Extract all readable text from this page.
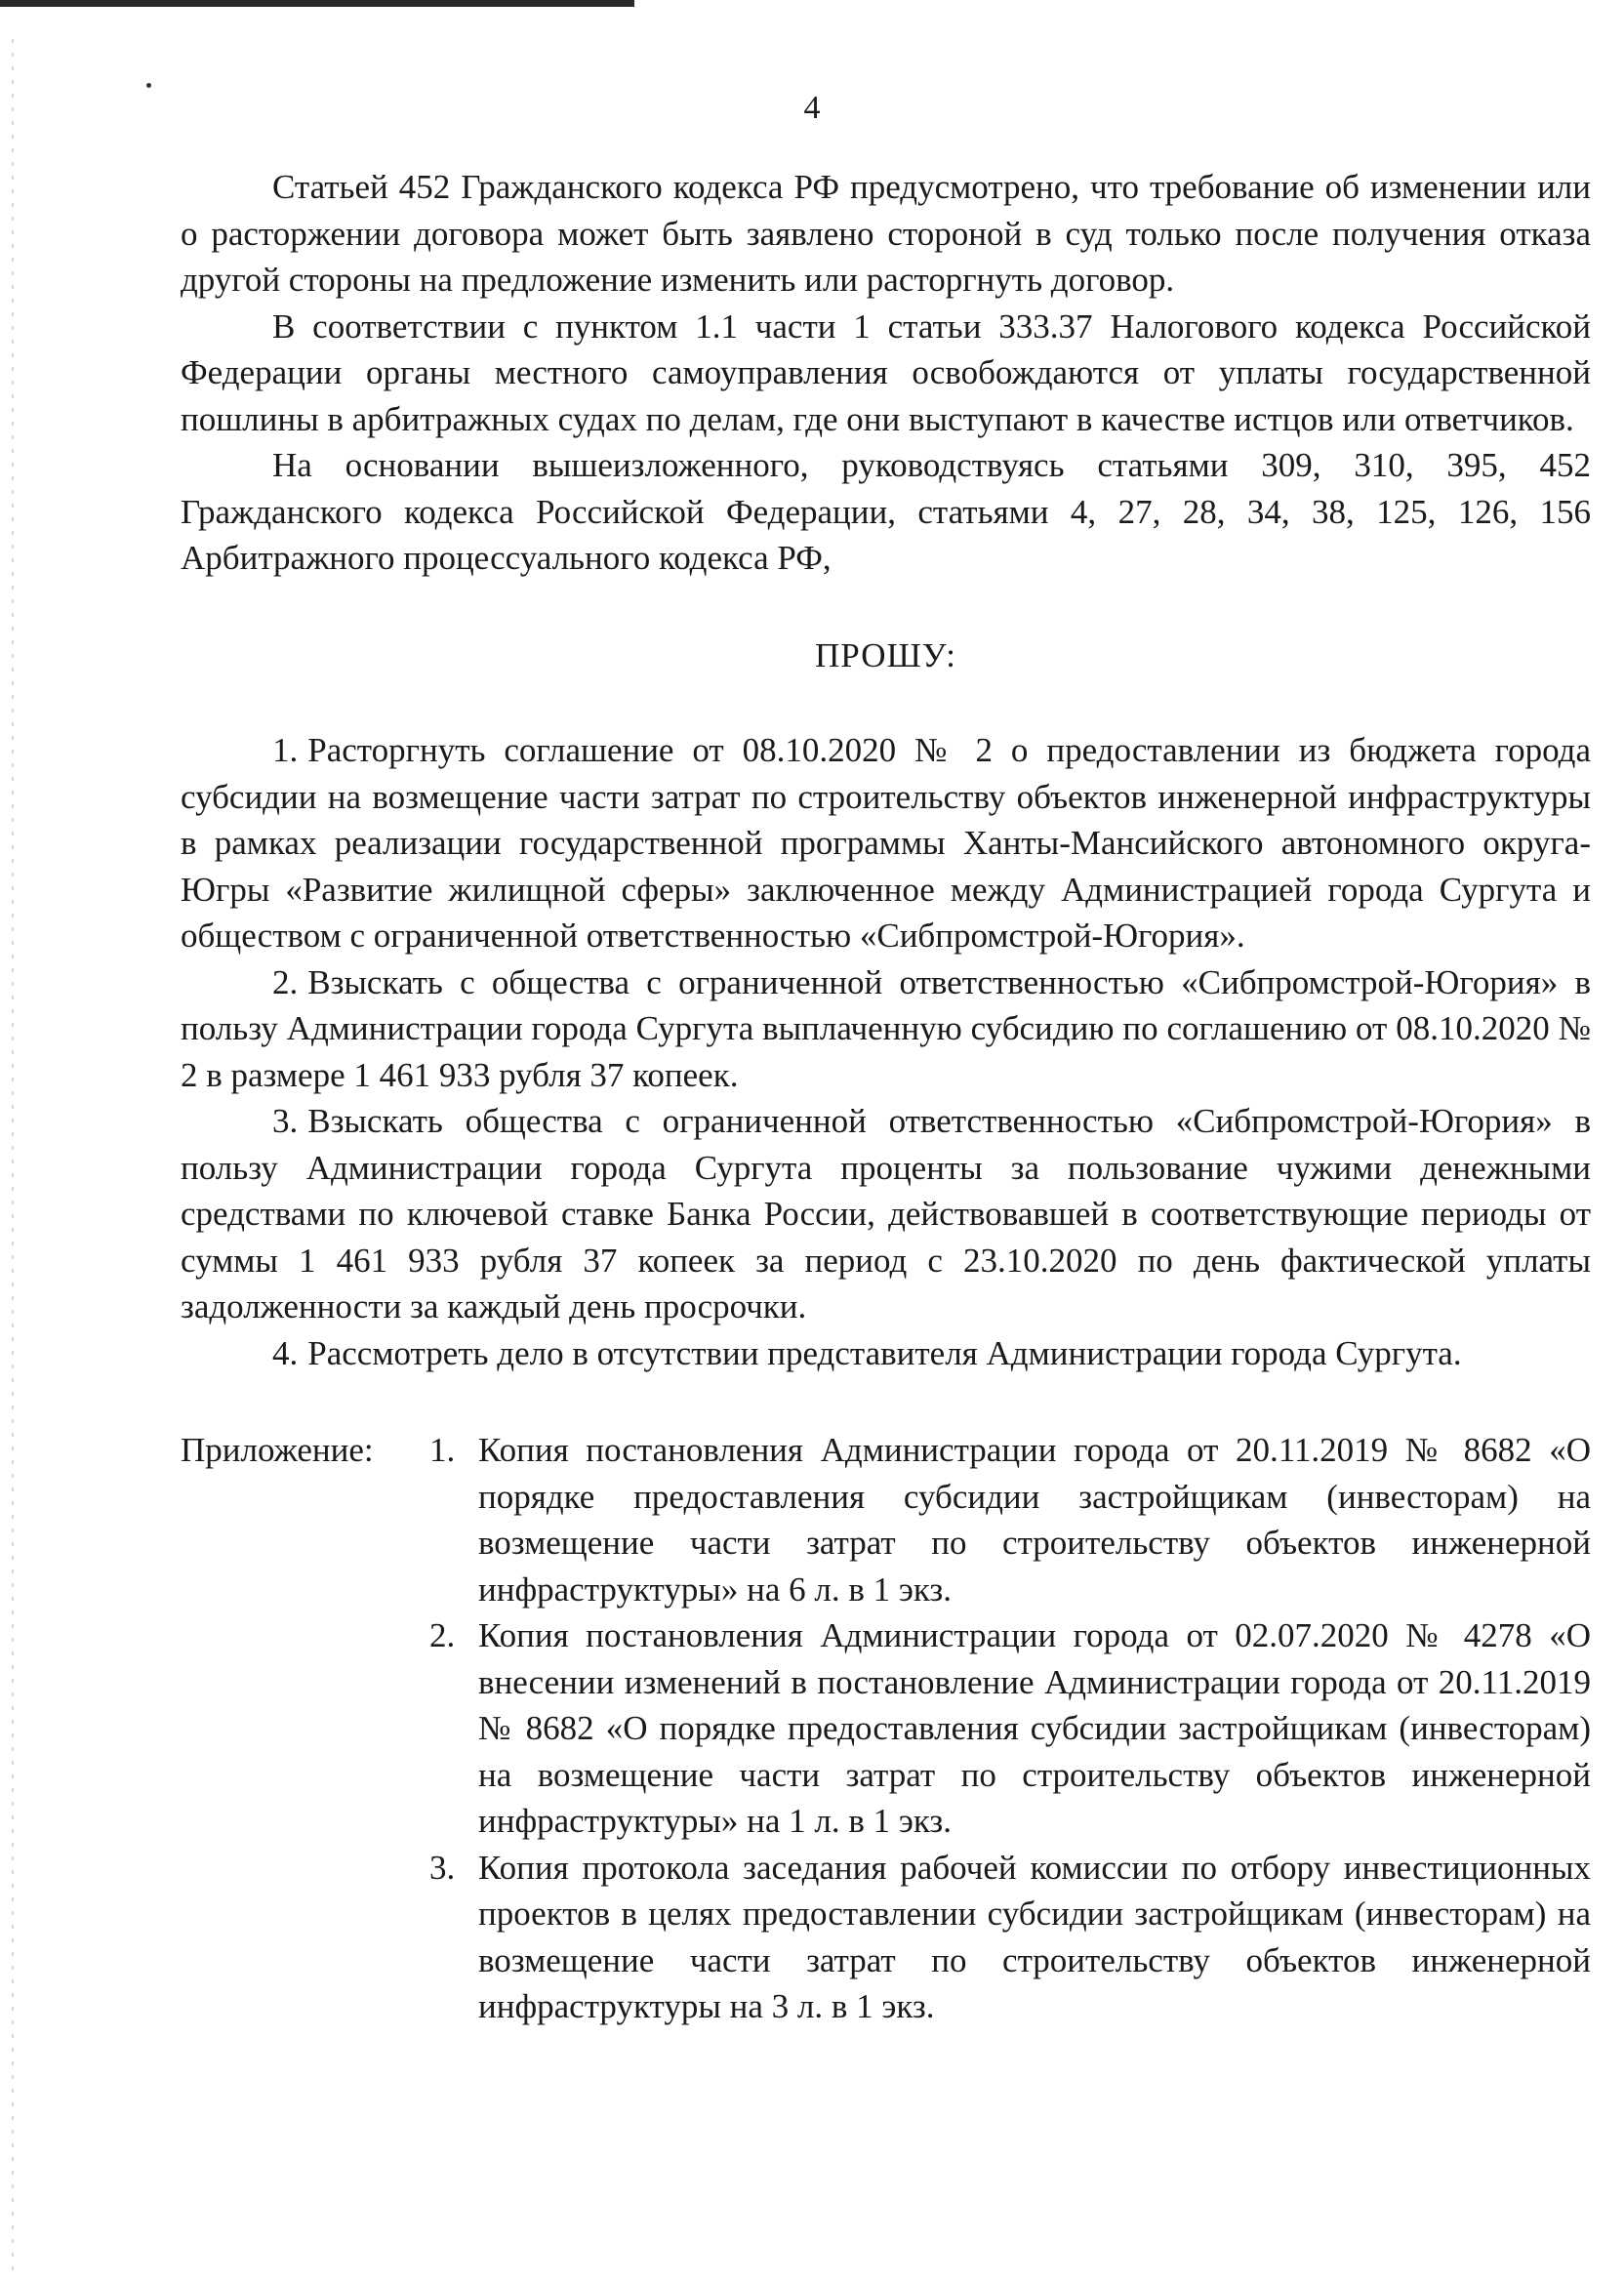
4

Статьей 452 Гражданского кодекса РФ предусмотрено, что требование об изменении или о расторжении договора может быть заявлено стороной в суд только после получения отказа другой стороны на предложение изменить или расторгнуть договор.

В соответствии с пунктом 1.1 части 1 статьи 333.37 Налогового кодекса Российской Федерации органы местного самоуправления освобождаются от уплаты государственной пошлины в арбитражных судах по делам, где они выступают в качестве истцов или ответчиков.

На основании вышеизложенного, руководствуясь статьями 309, 310, 395, 452 Гражданского кодекса Российской Федерации, статьями 4, 27, 28, 34, 38, 125, 126, 156 Арбитражного процессуального кодекса РФ,

ПРОШУ:

1. Расторгнуть соглашение от 08.10.2020 № 2 о предоставлении из бюджета города субсидии на возмещение части затрат по строительству объектов инженерной инфраструктуры в рамках реализации государственной программы Ханты-Мансийского автономного округа-Югры «Развитие жилищной сферы» заключенное между Администрацией города Сургута и обществом с ограниченной ответственностью «Сибпромстрой-Югория».

2. Взыскать с общества с ограниченной ответственностью «Сибпромстрой-Югория» в пользу Администрации города Сургута выплаченную субсидию по соглашению от 08.10.2020 № 2 в размере 1 461 933 рубля 37 копеек.

3. Взыскать общества с ограниченной ответственностью «Сибпромстрой-Югория» в пользу Администрации города Сургута проценты за пользование чужими денежными средствами по ключевой ставке Банка России, действовавшей в соответствующие периоды от суммы 1 461 933 рубля 37 копеек за период с 23.10.2020 по день фактической уплаты задолженности за каждый день просрочки.

4. Рассмотреть дело в отсутствии представителя Администрации города Сургута.

Приложение:	1. Копия постановления Администрации города от 20.11.2019 № 8682 «О порядке предоставления субсидии застройщикам (инвесторам) на возмещение части затрат по строительству объектов инженерной инфраструктуры» на 6 л. в 1 экз.
2. Копия постановления Администрации города от 02.07.2020 № 4278 «О внесении изменений в постановление Администрации города от 20.11.2019 № 8682 «О порядке предоставления субсидии застройщикам (инвесторам) на возмещение части затрат по строительству объектов инженерной инфраструктуры» на 1 л. в 1 экз.
3. Копия протокола заседания рабочей комиссии по отбору инвестиционных проектов в целях предоставлении субсидии застройщикам (инвесторам) на возмещение части затрат по строительству объектов инженерной инфраструктуры на 3 л. в 1 экз.
